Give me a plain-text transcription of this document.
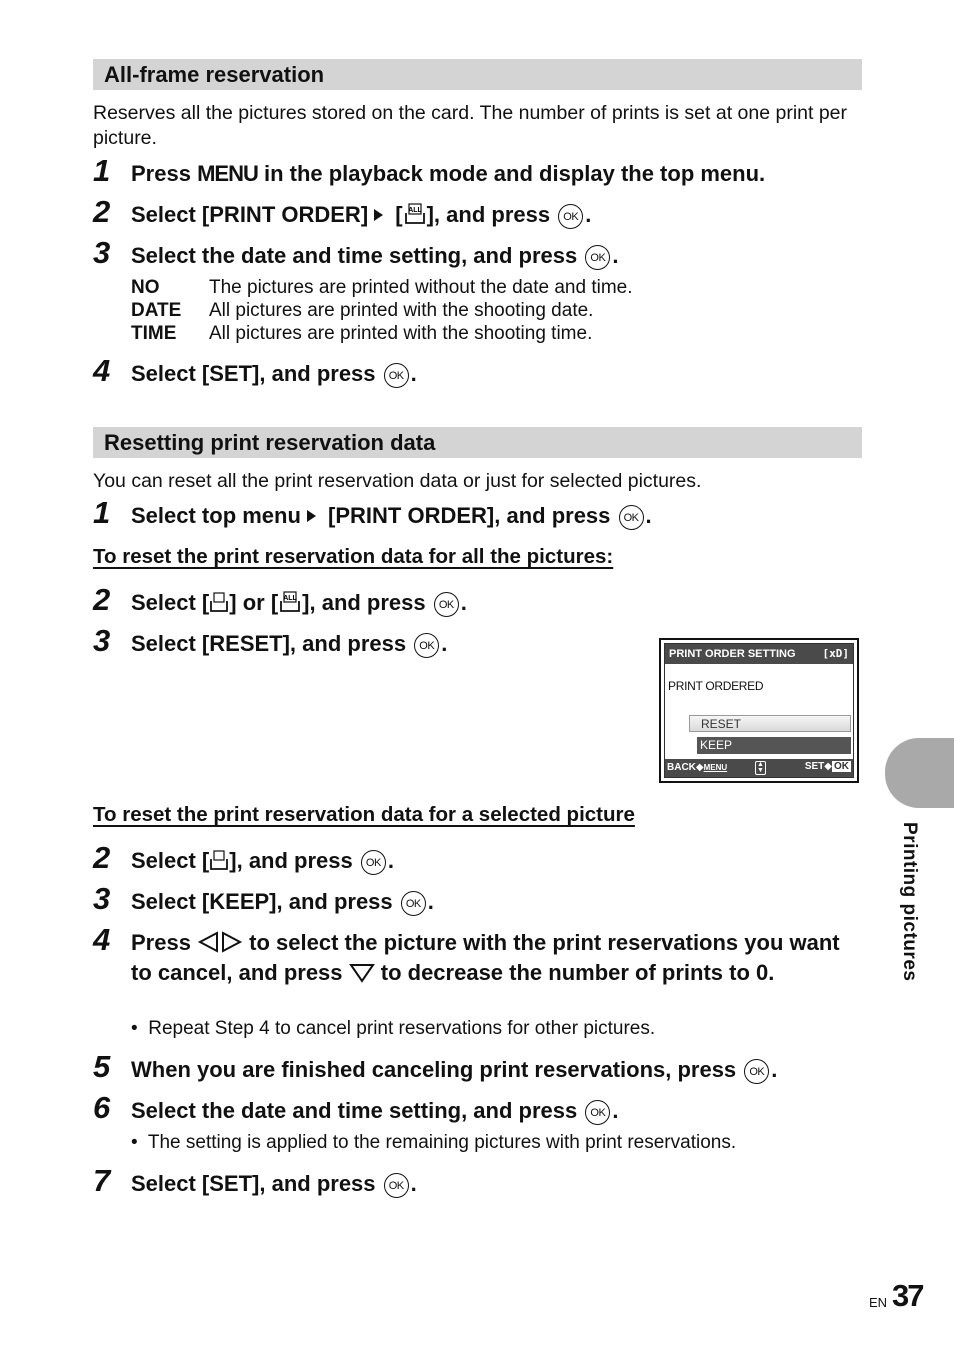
All-frame reservation
Reserves all the pictures stored on the card. The number of prints is set at one print per picture.
1 Press MENU in the playback mode and display the top menu.
2 Select [PRINT ORDER] [ ALL ], and press OK .
3 Select the date and time setting, and press OK .
NO	The pictures are printed without the date and time.
DATE All pictures are printed with the shooting date.
TIME All pictures are printed with the shooting time.
4 Select [SET], and press OK .
Resetting print reservation data
You can reset all the print reservation data or just for selected pictures.
1 Select top menu [PRINT ORDER], and press OK .
To reset the print reservation data for all the pictures:
2 Select [ ] or [ ALL ], and press OK .
3 Select [RESET], and press OK .	PRINT ORDER SETTING [xD]
PRINT ORDERED
RESET
KEEP
BACK◆MENU	▲
▼	SET◆ OK
To reset the print reservation data for a selected picture
2 Select [ ], and press OK .
3 Select [KEEP], and press OK .
4 Press  to select the picture with the print reservations you want to cancel, and press  to decrease the number of prints to 0.
•  Repeat Step 4 to cancel print reservations for other pictures.
5 When you are finished canceling print reservations, press OK .
6 Select the date and time setting, and press OK .
•  The setting is applied to the remaining pictures with print reservations.
7 Select [SET], and press OK .
Printing pictures
EN 37
